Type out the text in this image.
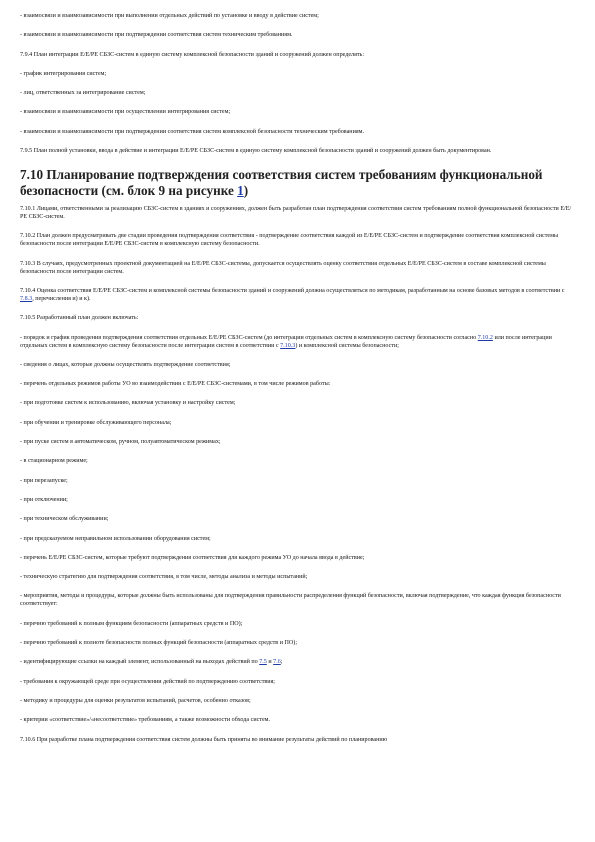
- взаимосвязи и взаимозависимости при выполнении отдельных действий по установке и вводу в действие систем;

- взаимосвязи и взаимозависимости при подтверждении соответствия систем техническим требованиям.

7.9.4 План интеграции Е/Е/РЕ СБЗС-систем в единую систему комплексной безопасности зданий и сооружений должен определять:

- график интегрирования систем;

- лиц, ответственных за интегрирование систем;

- взаимосвязи и взаимозависимости при осуществлении интегрирования систем;

- взаимосвязи и взаимозависимости при подтверждении соответствия систем комплексной безопасности техническим требованиям.

7.9.5 План полной установки, ввода в действие и интеграции Е/Е/РЕ СБЗС-систем в единую систему комплексной безопасности зданий и сооружений должен быть документирован.

7.10 Планирование подтверждения соответствия систем требованиям функциональной безопасности (см. блок 9 на рисунке 1)

7.10.1 Лицами, ответственными за реализацию СБЗС-систем в зданиях и сооружениях, должен быть разработан план подтверждения соответствия систем требованиям полной функциональной безопасности Е/Е/РЕ СБЗС-систем.

7.10.2 План должен предусматривать две стадии проведения подтверждения соответствия - подтверждение соответствия каждой из Е/Е/РЕ СБЗС-систем и подтверждение соответствия комплексной системы безопасности после интеграции Е/Е/РЕ СБЗС-систем в комплексную систему безопасности.

7.10.3 В случаях, предусмотренных проектной документацией на Е/Е/РЕ СБЗС-системы, допускается осуществлять оценку соответствия отдельных Е/Е/РЕ СБЗС-систем в составе комплексной системы безопасности после интеграции систем.

7.10.4 Оценка соответствия Е/Е/РЕ СБЗС-систем и комплексной системы безопасности зданий и сооружений должна осуществляться по методикам, разработанным на основе базовых методов в соответствии с 7.8.3, перечисления и) и к).

7.10.5 Разработанный план должен включать:

- порядок и график проведения подтверждения соответствия отдельных Е/Е/РЕ СБЗС-систем (до интеграции отдельных систем в комплексную систему безопасности согласно 7.10.2 или после интеграции отдельных систем в комплексную систему безопасности после интеграции систем в соответствии с 7.10.3) и комплексной системы безопасности;

- сведения о лицах, которые должны осуществлять подтверждение соответствия;

- перечень отдельных режимов работы УО во взаимодействии с Е/Е/РЕ СБЗС-системами, в том числе режимов работы:

- при подготовке систем к использованию, включая установку и настройку систем;

- при обучении и тренировке обслуживающего персонала;

- при пуске систем в автоматическом, ручном, полуавтоматическом режимах;

- в стационарном режиме;

- при перезапуске;

- при отключении;

- при техническом обслуживании;

- при предсказуемом неправильном использовании оборудования систем;

- перечень Е/Е/РЕ СБЗС-систем, которые требуют подтверждения соответствия для каждого режима УО до начала ввода в действие;

- техническую стратегию для подтверждения соответствия, в том числе, методы анализа и методы испытаний;

- мероприятия, методы и процедуры, которые должны быть использованы для подтверждения правильности распределения функций безопасности, включая подтверждение, что каждая функция безопасности соответствует:

- перечню требований к полным функциям безопасности (аппаратных средств и ПО);

- перечню требований к полноте безопасности полных функций безопасности (аппаратных средств и ПО);

- идентифицирующие ссылки на каждый элемент, использованный на выходах действий по 7.5 и 7.6;

- требования к окружающей среде при осуществлении действий по подтверждению соответствия;

- методику и процедуры для оценки результатов испытаний, расчетов, особенно отказов;

- критерии «соответствие»/«несоответствие» требованиям, а также возможности обхода систем.

7.10.6 При разработке плана подтверждения соответствия систем должны быть приняты во внимание результаты действий по планированию
